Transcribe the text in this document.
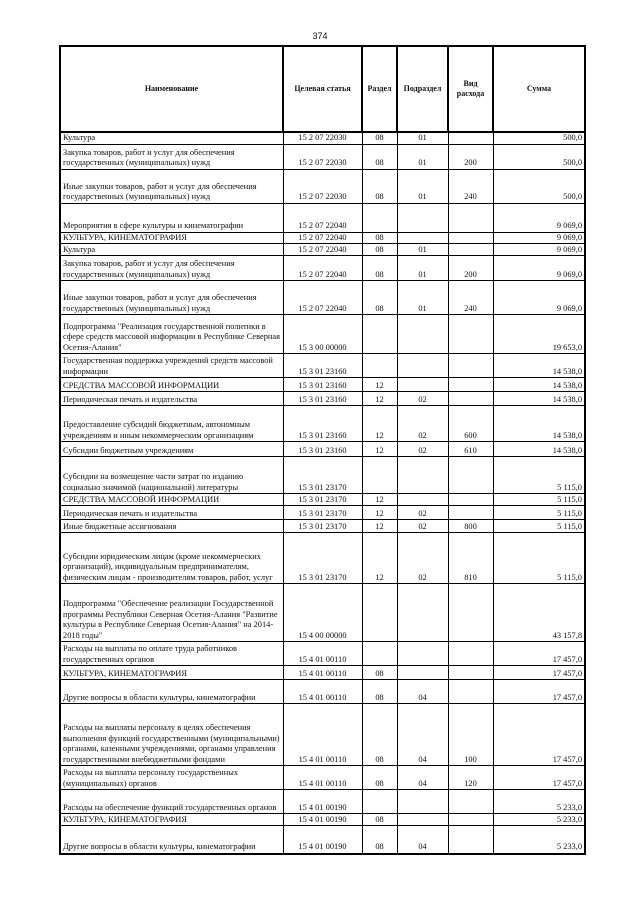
374
Наименование	Целевая статья	Раздел	Подраздел	Вид расхода	Сумма
Культура	15 2 07 22030	08	01		500,0
Закупка товаров, работ и услуг для обеспечения государственных (муниципальных) нужд	15 2 07 22030	08	01	200	500,0
Иные закупки товаров, работ и услуг для обеспечения государственных (муниципальных) нужд	15 2 07 22030	08	01	240	500,0
Мероприятия в сфере культуры и кинематографии	15 2 07 22040				9 069,0
КУЛЬТУРА, КИНЕМАТОГРАФИЯ	15 2 07 22040	08			9 069,0
Культура	15 2 07 22040	08	01		9 069,0
Закупка товаров, работ и услуг для обеспечения государственных (муниципальных) нужд	15 2 07 22040	08	01	200	9 069,0
Иные закупки товаров, работ и услуг для обеспечения государственных (муниципальных) нужд	15 2 07 22040	08	01	240	9 069,0
Подпрограмма "Реализация государственной политики в сфере средств массовой информации в Республике Северная Осетия-Алания"	15 3 00 00000				19 653,0
Государственная поддержка учреждений средств массовой информации	15 3 01 23160				14 538,0
СРЕДСТВА МАССОВОЙ ИНФОРМАЦИИ	15 3 01 23160	12			14 538,0
Периодическая печать и издательства	15 3 01 23160	12	02		14 538,0
Предоставление субсидий бюджетным, автономным учреждениям и иным некоммерческим организациям	15 3 01 23160	12	02	600	14 538,0
Субсидии бюджетным учреждениям	15 3 01 23160	12	02	610	14 538,0
Субсидии на возмещение части затрат по изданию социально значимой (национальной) литературы	15 3 01 23170				5 115,0
СРЕДСТВА МАССОВОЙ ИНФОРМАЦИИ	15 3 01 23170	12			5 115,0
Периодическая печать и издательства	15 3 01 23170	12	02		5 115,0
Иные бюджетные ассигнования	15 3 01 23170	12	02	800	5 115,0
Субсидии юридическим лицам (кроме некоммерческих организаций), индивидуальным предпринимателям, физическим лицам - производителям товаров, работ, услуг	15 3 01 23170	12	02	810	5 115,0
Подпрограмма "Обеспечение реализации Государственной программы Республики Северная Осетия-Алания "Развитие культуры в Республике Северная Осетия-Алания" на 2014-2018 годы"	15 4 00 00000				43 157,8
Расходы на выплаты по оплате труда работников государственных органов	15 4 01 00110				17 457,0
КУЛЬТУРА, КИНЕМАТОГРАФИЯ	15 4 01 00110	08			17 457,0
Другие вопросы в области культуры, кинематографии	15 4 01 00110	08	04		17 457,0
Расходы на выплаты персоналу в целях обеспечения выполнения функций государственными (муниципальными) органами, казенными учреждениями, органами управления государственными внебюджетными фондами	15 4 01 00110	08	04	100	17 457,0
Расходы на выплаты персоналу государственных (муниципальных) органов	15 4 01 00110	08	04	120	17 457,0
Расходы на обеспечение функций государственных органов	15 4 01 00190				5 233,0
КУЛЬТУРА, КИНЕМАТОГРАФИЯ	15 4 01 00190	08			5 233,0
Другие вопросы в области культуры, кинематографии	15 4 01 00190	08	04		5 233,0
